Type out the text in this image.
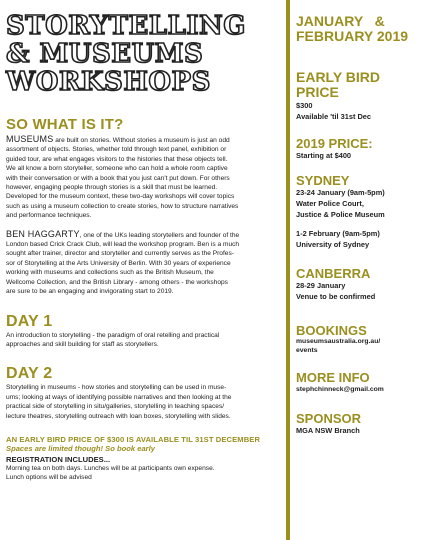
STORYTELLING
& MUSEUMS
WORKSHOPS
SO WHAT IS IT?
MUSEUMS are built on stories. Without stories a museum is just an odd
assortment of objects. Stories, whether told through text panel, exhibition or
guided tour, are what engages visitors to the histories that these objects tell.
We all know a born storyteller, someone who can hold a whole room captive
with their conversation or with a book that you just can't put down. For others
however, engaging people through stories is a skill that must be learned.
Developed for the museum context, these two-day workshops will cover topics
such as using a museum collection to create stories, how to structure narratives
and performance techniques.
BEN HAGGARTY, one of the UKs leading storytellers and founder of the
London based Crick Crack Club, will lead the workshop program. Ben is a much
sought after trainer, director and storyteller and currently serves as the Profes-
sor of Storytelling at the Arts University of Berlin. With 30 years of experience
working with museums and collections such as the British Museum, the
Wellcome Collection, and the British Library - among others - the workshops
are sure to be an engaging and invigorating start to 2019.
DAY 1
An introduction to storytelling - the paradigm of oral retelling and practical
approaches and skill building for staff as storytellers.
DAY 2
Storytelling in museums - how stories and storytelling can be used in muse-
ums; looking at ways of identifying possible narratives and then looking at the
practical side of storytelling in situ/galleries, storytelling in teaching spaces/
lecture theatres, storytelling outreach with loan boxes, storytelling with slides.
AN EARLY BIRD PRICE OF $300 IS AVAILABLE TIL 31ST DECEMBER
Spaces are limited though! So book early
REGISTRATION INCLUDES...
Morning tea on both days. Lunches will be at participants own expense.
Lunch options will be advised
JANUARY   &
FEBRUARY 2019
EARLY BIRD
PRICE
$300
Available 'til 31st Dec
2019 PRICE:
Starting at $400
SYDNEY
23-24 January (9am-5pm)
Water Police Court,
Justice & Police Museum
1-2 February (9am-5pm)
University of Sydney
CANBERRA
28-29 January
Venue to be confirmed
BOOKINGS
museumsaustralia.org.au/
events
MORE INFO
stephchinneck@gmail.com
SPONSOR
MGA NSW Branch
